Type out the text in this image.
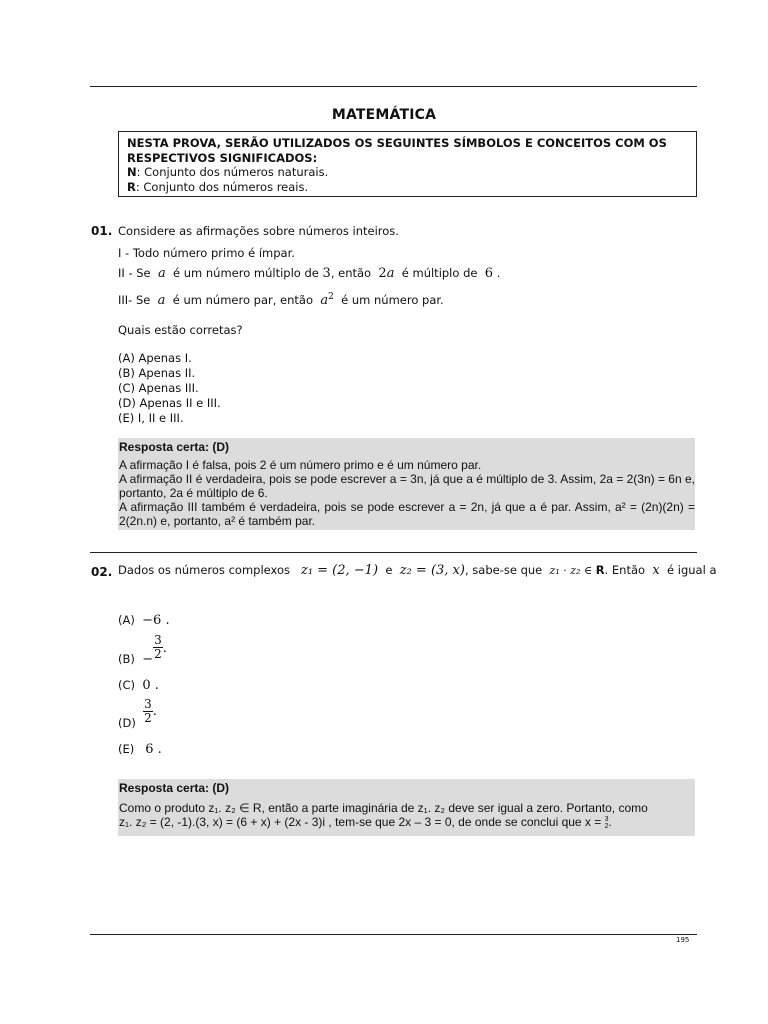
MATEMÁTICA
NESTA PROVA, SERÃO UTILIZADOS OS SEGUINTES SÍMBOLOS E CONCEITOS COM OS RESPECTIVOS SIGNIFICADOS:
N: Conjunto dos números naturais.
R: Conjunto dos números reais.
01. Considere as afirmações sobre números inteiros.
I - Todo número primo é ímpar.
II - Se a é um número múltiplo de 3, então 2a é múltiplo de 6 .
III- Se a é um número par, então $a^2$ é um número par.
Quais estão corretas?
(A) Apenas I.
(B) Apenas II.
(C) Apenas III.
(D) Apenas II e III.
(E) I, II e III.
Resposta certa: (D)

A afirmação I é falsa, pois 2 é um número primo e é um número par.

A afirmação II é verdadeira, pois se pode escrever a = 3n, já que a é múltiplo de 3. Assim, 2a = 2(3n) = 6n e, portanto, 2a é múltiplo de 6.

A afirmação III também é verdadeira, pois se pode escrever a = 2n, já que a é par. Assim, a² = (2n)(2n) = 2(2n.n) e, portanto, a² é também par.

02. Dados os números complexos z₁ = (2, −1) e z₂ = (3, x), sabe-se que z₁ · z₂ ∈ R. Então x é igual a
(A) −6 .
$(B) - \frac{3}{2}$ .
(C) 0 .
$(D) \frac{3}{2}$ .
(E) 6 .
Resposta certa: (D)

Como o produto z₁. z₂ ∈ R, então a parte imaginária de z₁. z₂ deve ser igual a zero. Portanto, como

z₁. z₂ = (2, -1).(3, x) = (6 + x) + (2x - 3)i , tem-se que 2x – 3 = 0, de onde se conclui que x = 3
2 .

195
